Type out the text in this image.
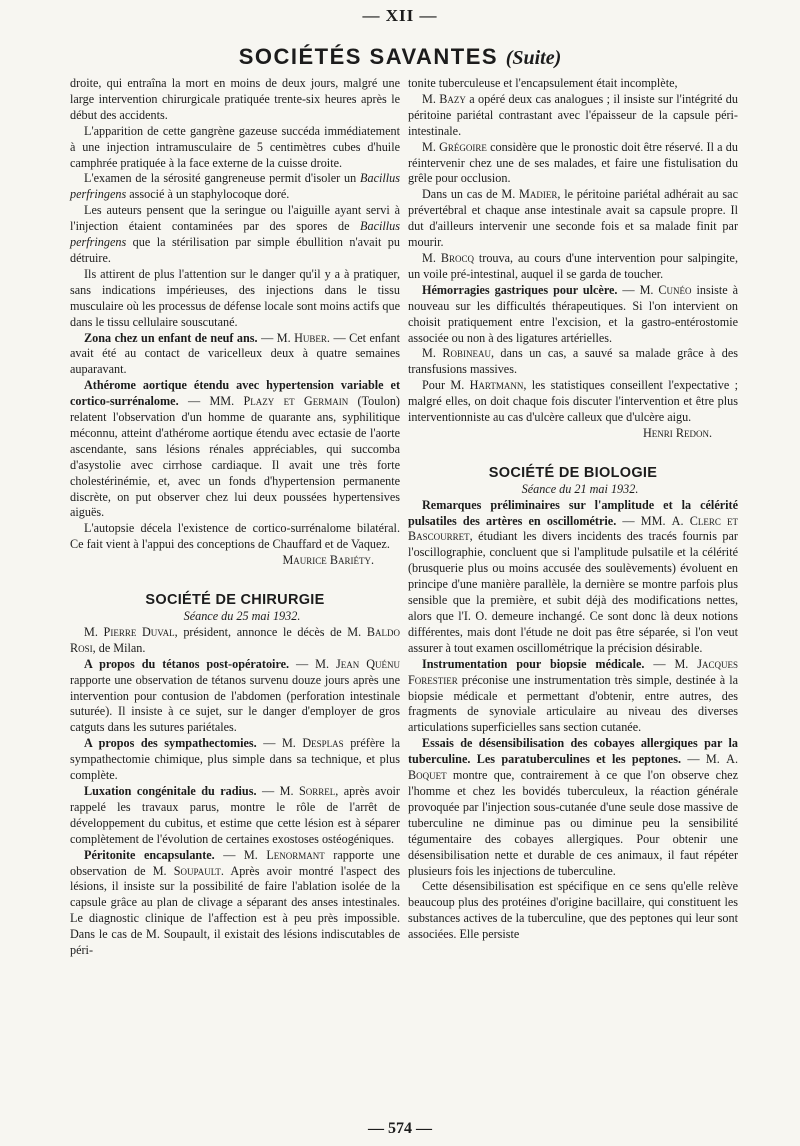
— XII —
SOCIÉTÉS SAVANTES (Suite)

droite, qui entraîna la mort en moins de deux jours, malgré une large intervention chirurgicale pratiquée trente-six heures après le début des accidents.

L'apparition de cette gangrène gazeuse succéda immédiatement à une injection intramusculaire de 5 centimètres cubes d'huile camphrée pratiquée à la face externe de la cuisse droite.

L'examen de la sérosité gangreneuse permit d'isoler un Bacillus perfringens associé à un staphylocoque doré.

Les auteurs pensent que la seringue ou l'aiguille ayant servi à l'injection étaient contaminées par des spores de Bacillus perfringens que la stérilisation par simple ébullition n'avait pu détruire.

Ils attirent de plus l'attention sur le danger qu'il y a à pratiquer, sans indications impérieuses, des injections dans le tissu musculaire où les processus de défense locale sont moins actifs que dans le tissu cellulaire souscutané.

Zona chez un enfant de neuf ans. — M. Huber. — Cet enfant avait été au contact de varicelleux deux à quatre semaines auparavant.

Athérome aortique étendu avec hypertension variable et cortico-surrénalome. — MM. Plazy et Germain (Toulon) relatent l'observation d'un homme de quarante ans, syphilitique méconnu, atteint d'athérome aortique étendu avec ectasie de l'aorte ascendante, sans lésions rénales appréciables, qui succomba d'asystolie avec cirrhose cardiaque. Il avait une très forte cholestérinémie, et, avec un fonds d'hypertension permanente discrète, on put observer chez lui deux poussées hypertensives aiguës.

L'autopsie décela l'existence de cortico-surrénalome bilatéral. Ce fait vient à l'appui des conceptions de Chauffard et de Vaquez.

Maurice Bariéty.

SOCIÉTÉ DE CHIRURGIE

Séance du 25 mai 1932.

M. Pierre Duval, président, annonce le décès de M. Baldo Rosi, de Milan.

A propos du tétanos post-opératoire. — M. Jean Quénu rapporte une observation de tétanos survenu douze jours après une intervention pour contusion de l'abdomen (perforation intestinale suturée). Il insiste à ce sujet, sur le danger d'employer de gros catguts dans les sutures pariétales.

A propos des sympathectomies. — M. Desplas préfère la sympathectomie chimique, plus simple dans sa technique, et plus complète.

Luxation congénitale du radius. — M. Sorrel, après avoir rappelé les travaux parus, montre le rôle de l'arrêt de développement du cubitus, et estime que cette lésion est à séparer complètement de l'évolution de certaines exostoses ostéogéniques.

Péritonite encapsulante. — M. Lenormant rapporte une observation de M. Soupault. Après avoir montré l'aspect des lésions, il insiste sur la possibilité de faire l'ablation isolée de la capsule grâce au plan de clivage a séparant des anses intestinales. Le diagnostic clinique de l'affection est à peu près impossible. Dans le cas de M. Soupault, il existait des lésions indiscutables de péri-

tonite tuberculeuse et l'encapsulement était incomplète,

M. Bazy a opéré deux cas analogues ; il insiste sur l'intégrité du péritoine pariétal contrastant avec l'épaisseur de la capsule péri-intestinale.

M. Grégoire considère que le pronostic doit être réservé. Il a du réintervenir chez une de ses malades, et faire une fistulisation du grêle pour occlusion.

Dans un cas de M. Madier, le péritoine pariétal adhérait au sac prévertébral et chaque anse intestinale avait sa capsule propre. Il dut d'ailleurs intervenir une seconde fois et sa malade finit par mourir.

M. Brocq trouva, au cours d'une intervention pour salpingite, un voile pré-intestinal, auquel il se garda de toucher.

Hémorragies gastriques pour ulcère. — M. Cunéo insiste à nouveau sur les difficultés thérapeutiques. Si l'on intervient on choisit pratiquement entre l'excision, et la gastro-entérostomie associée ou non à des ligatures artérielles.

M. Robineau, dans un cas, a sauvé sa malade grâce à des transfusions massives.

Pour M. Hartmann, les statistiques conseillent l'expectative ; malgré elles, on doit chaque fois discuter l'intervention et être plus interventionniste au cas d'ulcère calleux que d'ulcère aigu.

Henri Redon.

SOCIÉTÉ DE BIOLOGIE

Séance du 21 mai 1932.

Remarques préliminaires sur l'amplitude et la célérité pulsatiles des artères en oscillométrie. — MM. A. Clerc et Bascourret, étudiant les divers incidents des tracés fournis par l'oscillographie, concluent que si l'amplitude pulsatile et la célérité (brusquerie plus ou moins accusée des soulèvements) évoluent en principe d'une manière parallèle, la dernière se montre parfois plus sensible que la première, et subit déjà des modifications nettes, alors que l'I. O. demeure inchangé. Ce sont donc là deux notions différentes, mais dont l'étude ne doit pas être séparée, si l'on veut assurer à tout examen oscillométrique la précision désirable.

Instrumentation pour biopsie médicale. — M. Jacques Forestier préconise une instrumentation très simple, destinée à la biopsie médicale et permettant d'obtenir, entre autres, des fragments de synoviale articulaire au niveau des diverses articulations superficielles sans section cutanée.

Essais de désensibilisation des cobayes allergiques par la tuberculine. Les paratuberculines et les peptones. — M. A. Boquet montre que, contrairement à ce que l'on observe chez l'homme et chez les bovidés tuberculeux, la réaction générale provoquée par l'injection sous-cutanée d'une seule dose massive de tuberculine ne diminue pas ou diminue peu la sensibilité tégumentaire des cobayes allergiques. Pour obtenir une désensibilisation nette et durable de ces animaux, il faut répéter plusieurs fois les injections de tuberculine.

Cette désensibilisation est spécifique en ce sens qu'elle relève beaucoup plus des protéines d'origine bacillaire, qui constituent les substances actives de la tuberculine, que des peptones qui leur sont associées. Elle persiste

— 574 —
